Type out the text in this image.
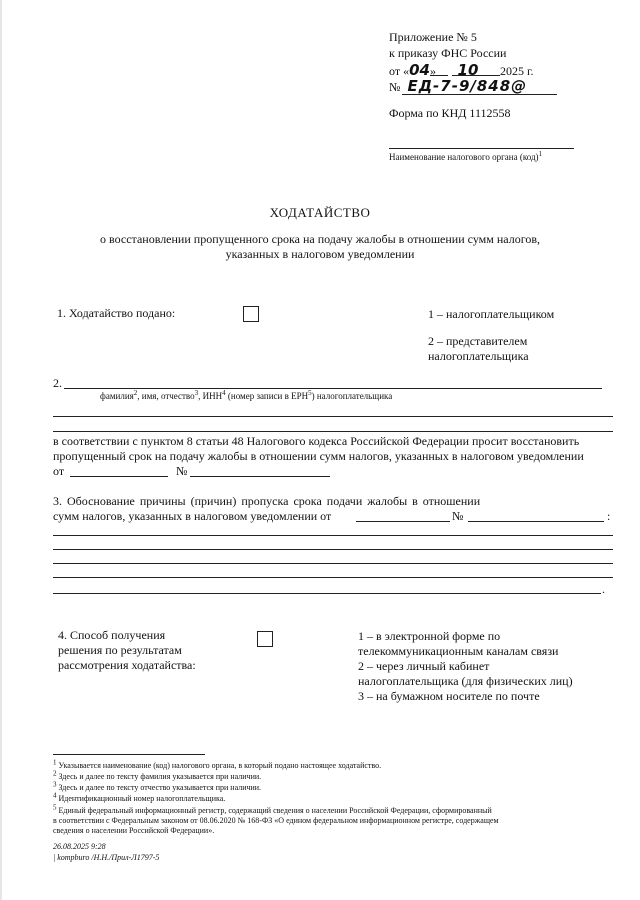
Приложение № 5
к приказу ФНС России
от «04» 10 2025 г.
№ ЕД-7-9/848@
Форма по КНД 1112558
Наименование налогового органа (код)$^1$
ХОДАТАЙСТВО
о восстановлении пропущенного срока на подачу жалобы в отношении сумм налогов,
указанных в налоговом уведомлении
1. Ходатайство подано:	1 – налогоплательщиком
2 – представителем
налогоплательщика
2.
фамилия$^2$, имя, отчество$^3$, ИНН$^4$ (номер записи в ЕРН$^5$) налогоплательщика
в соответствии с пунктом 8 статьи 48 Налогового кодекса Российской Федерации просит восстановить
пропущенный срок на подачу жалобы в отношении сумм налогов, указанных в налоговом уведомлении
от	№
3. Обоснование причины (причин) пропуска срока подачи жалобы в отношении
сумм налогов, указанных в налоговом уведомлении от	№	:
.
4. Способ получения
решения по результатам
рассмотрения ходатайства:
1 – в электронной форме по
телекоммуникационным каналам связи
2 – через личный кабинет
налогоплательщика (для физических лиц)
3 – на бумажном носителе по почте
$^1$ Указывается наименование (код) налогового органа, в который подано настоящее ходатайство.
$^2$ Здесь и далее по тексту фамилия указывается при наличии.
$^3$ Здесь и далее по тексту отчество указывается при наличии.
$^4$ Идентификационный номер налогоплательщика.
$^5$ Единый федеральный информационный регистр, содержащий сведения о населении Российской Федерации, сформированный
в соответствии с Федеральным законом от 08.06.2020 № 168-ФЗ «О едином федеральном информационном регистре, содержащем
сведения о населении Российской Федерации».
26.08.2025 9:28
| kompburo /Н.Н./Прил-Л1797-5
